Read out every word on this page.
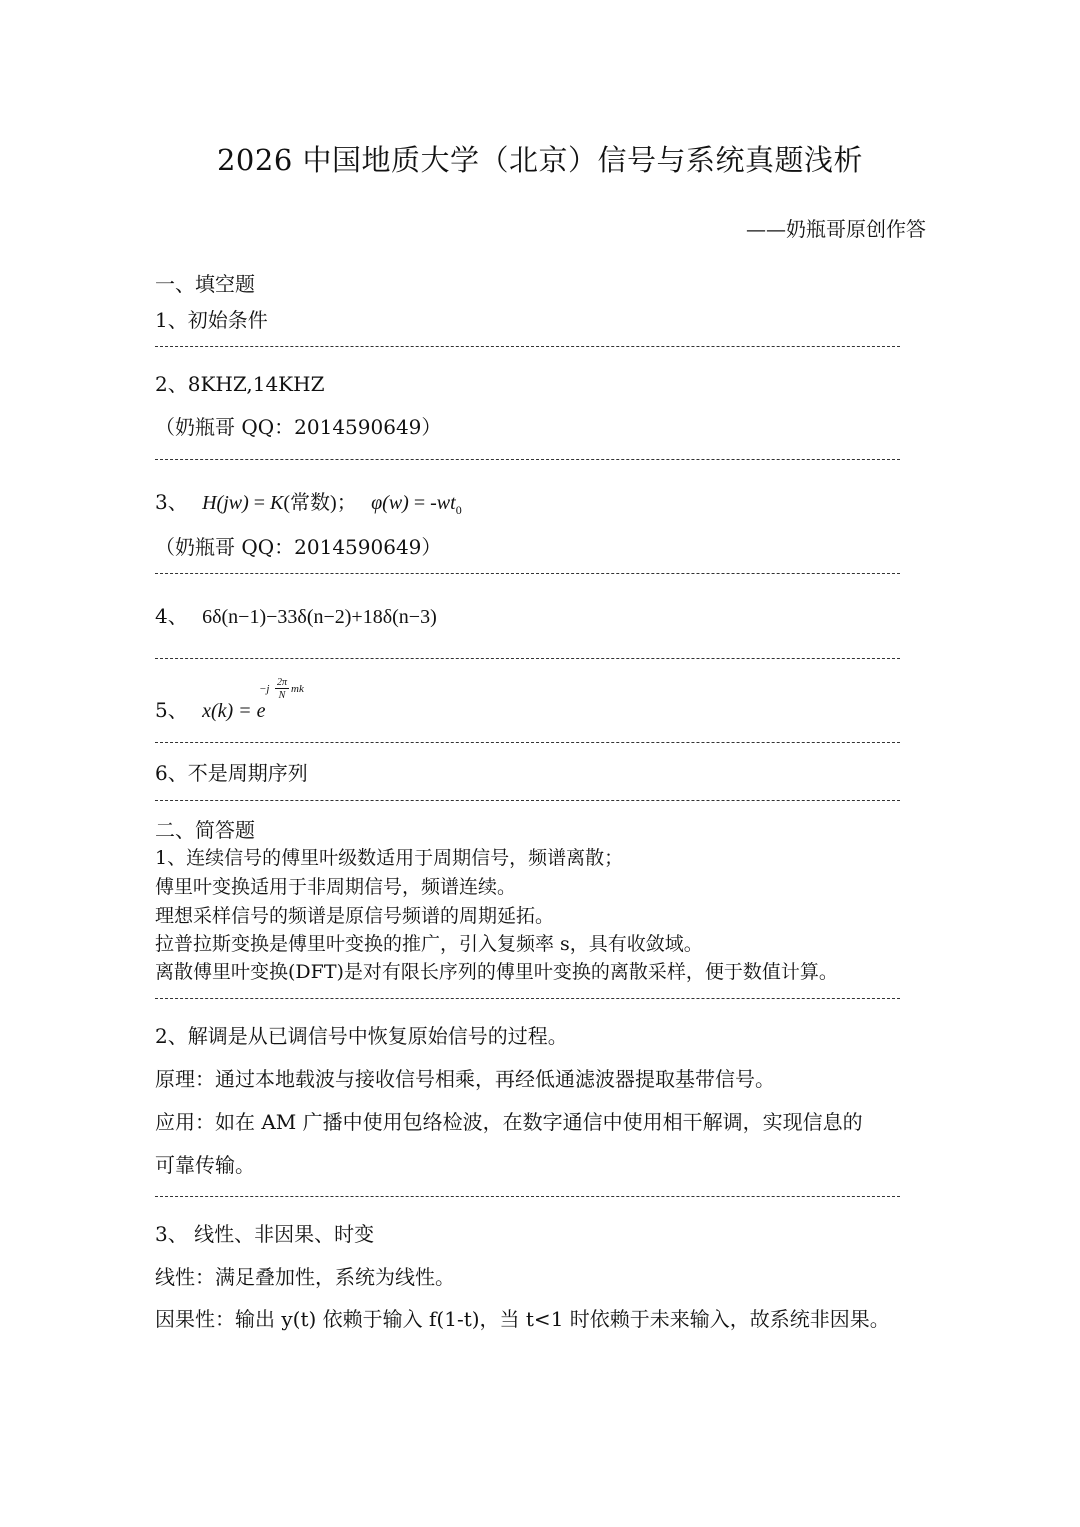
2026 中国地质大学（北京）信号与系统真题浅析
——奶瓶哥原创作答
一、填空题
1、初始条件
2、8KHZ,14KHZ
（奶瓶哥 QQ：2014590649）
3、 H(jw) = K(常数)； $\varphi(w) = -wt_0$
（奶瓶哥 QQ：2014590649）
4、 6δ(n−1)−33δ(n−2)+18δ(n−3)
5、 x(k) = e
−j
2π
N
mk
6、不是周期序列
二、简答题
1、连续信号的傅里叶级数适用于周期信号，频谱离散；
傅里叶变换适用于非周期信号，频谱连续。
理想采样信号的频谱是原信号频谱的周期延拓。
拉普拉斯变换是傅里叶变换的推广，引入复频率 s，具有收敛域。
离散傅里叶变换(DFT)是对有限长序列的傅里叶变换的离散采样，便于数值计算。
2、解调是从已调信号中恢复原始信号的过程。
原理：通过本地载波与接收信号相乘，再经低通滤波器提取基带信号。
应用：如在 AM 广播中使用包络检波，在数字通信中使用相干解调，实现信息的
可靠传输。
3、 线性、非因果、时变
线性：满足叠加性，系统为线性。
因果性：输出 y(t) 依赖于输入 f(1-t)，当 t<1 时依赖于未来输入，故系统非因果。
